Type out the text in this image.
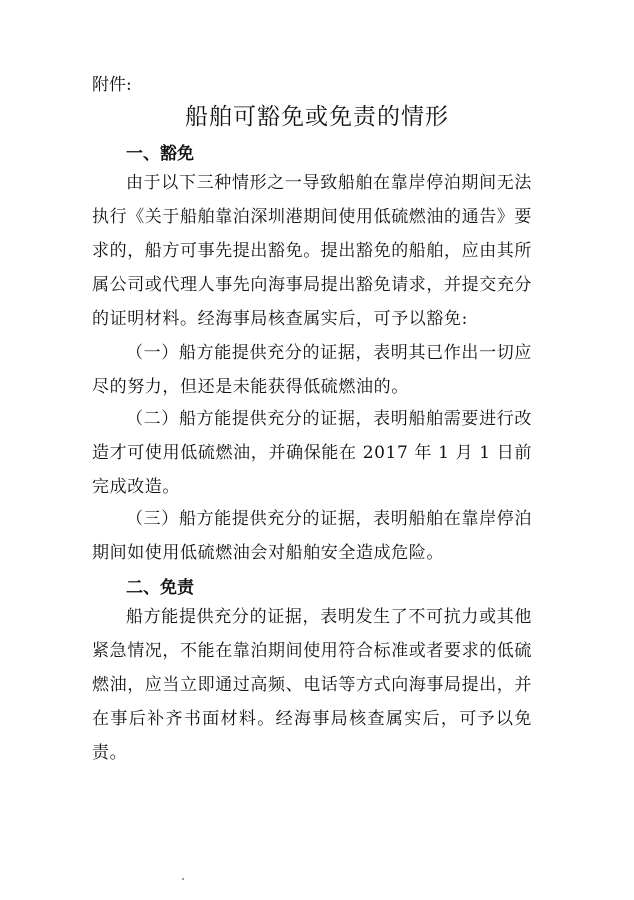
附件:
船舶可豁免或免责的情形
一、豁免
由于以下三种情形之一导致船舶在靠岸停泊期间无法执行《关于船舶靠泊深圳港期间使用低硫燃油的通告》要求的，船方可事先提出豁免。提出豁免的船舶，应由其所属公司或代理人事先向海事局提出豁免请求，并提交充分的证明材料。经海事局核查属实后，可予以豁免:
（一）船方能提供充分的证据，表明其已作出一切应尽的努力，但还是未能获得低硫燃油的。
（二）船方能提供充分的证据，表明船舶需要进行改造才可使用低硫燃油，并确保能在 2017 年 1 月 1 日前完成改造。
（三）船方能提供充分的证据，表明船舶在靠岸停泊期间如使用低硫燃油会对船舶安全造成危险。
二、免责
船方能提供充分的证据，表明发生了不可抗力或其他紧急情况，不能在靠泊期间使用符合标准或者要求的低硫燃油，应当立即通过高频、电话等方式向海事局提出，并在事后补齐书面材料。经海事局核查属实后，可予以免责。
